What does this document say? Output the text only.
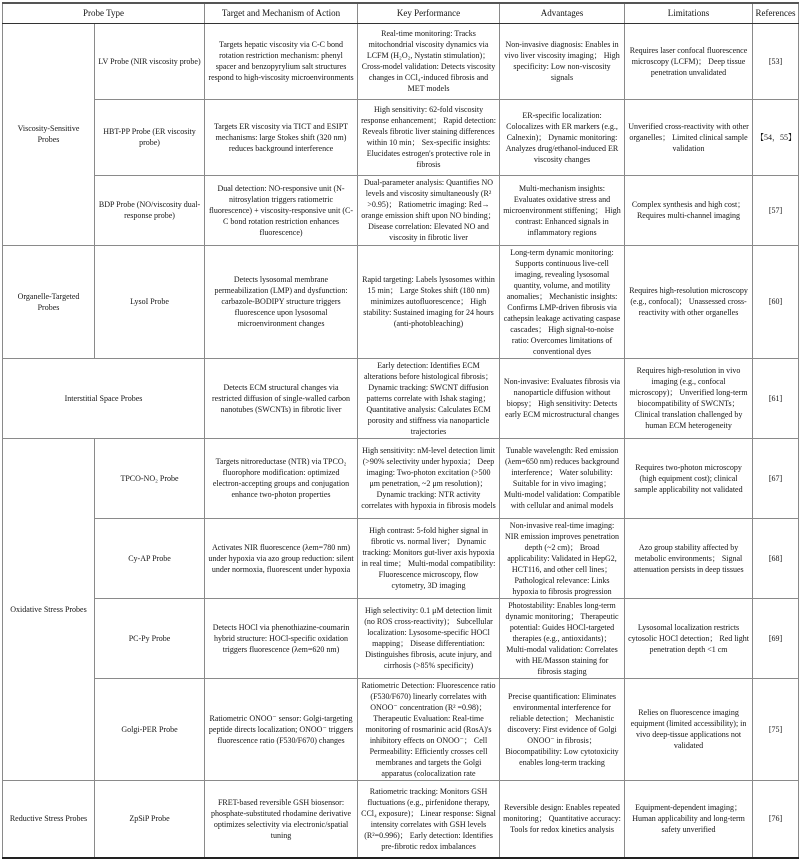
Probe Type		Target and Mechanism of Action	Key Performance	Advantages	Limitations	References
Viscosity-Sensitive Probes	LV Probe (NIR viscosity probe)	Targets hepatic viscosity via C-C bond rotation restriction mechanism: phenyl spacer and benzopyrylium salt structures respond to high-viscosity microenvironments	Real-time monitoring: Tracks mitochondrial viscosity dynamics via LCFM (H₂O₂, Nystatin stimulation)； Cross-model validation: Detects viscosity changes in CCl₄-induced fibrosis and MET models	Non-invasive diagnosis: Enables in vivo liver viscosity imaging； High specificity: Low non-viscosity signals	Requires laser confocal fluorescence microscopy (LCFM)； Deep tissue penetration unvalidated	[53]
	HBT-PP Probe (ER viscosity probe)	Targets ER viscosity via TICT and ESIPT mechanisms: large Stokes shift (320 nm) reduces background interference	High sensitivity: 62-fold viscosity response enhancement； Rapid detection: Reveals fibrotic liver staining differences within 10 min； Sex-specific insights: Elucidates estrogen's protective role in fibrosis	ER-specific localization: Colocalizes with ER markers (e.g., Calnexin)； Dynamic monitoring: Analyzes drug/ethanol-induced ER viscosity changes	Unverified cross-reactivity with other organelles； Limited clinical sample validation	【54，55】
	BDP Probe (NO/viscosity dual-response probe)	Dual detection: NO-responsive unit (N-nitrosylation triggers ratiometric fluorescence) + viscosity-responsive unit (C-C bond rotation restriction enhances fluorescence)	Dual-parameter analysis: Quantifies NO levels and viscosity simultaneously (R² >0.95)； Ratiometric imaging: Red→ orange emission shift upon NO binding； Disease correlation: Elevated NO and viscosity in fibrotic liver	Multi-mechanism insights: Evaluates oxidative stress and microenvironment stiffening； High contrast: Enhanced signals in inflammatory regions	Complex synthesis and high cost； Requires multi-channel imaging	[57]
Organelle-Targeted Probes	LysoI Probe	Detects lysosomal membrane permeabilization (LMP) and dysfunction: carbazole-BODIPY structure triggers fluorescence upon lysosomal microenvironment changes	Rapid targeting: Labels lysosomes within 15 min； Large Stokes shift (180 nm) minimizes autofluorescence； High stability: Sustained imaging for 24 hours (anti-photobleaching)	Long-term dynamic monitoring: Supports continuous live-cell imaging, revealing lysosomal quantity, volume, and motility anomalies； Mechanistic insights: Confirms LMP-driven fibrosis via cathepsin leakage activating caspase cascades； High signal-to-noise ratio: Overcomes limitations of conventional dyes	Requires high-resolution microscopy (e.g., confocal)； Unassessed cross-reactivity with other organelles	[60]
Interstitial Space Probes		Detects ECM structural changes via restricted diffusion of single-walled carbon nanotubes (SWCNTs) in fibrotic liver	Early detection: Identifies ECM alterations before histological fibrosis； Dynamic tracking: SWCNT diffusion patterns correlate with Ishak staging； Quantitative analysis: Calculates ECM porosity and stiffness via nanoparticle trajectories	Non-invasive: Evaluates fibrosis via nanoparticle diffusion without biopsy； High sensitivity: Detects early ECM microstructural changes	Requires high-resolution in vivo imaging (e.g., confocal microscopy)； Unverified long-term biocompatibility of SWCNTs； Clinical translation challenged by human ECM heterogeneity	[61]
Oxidative Stress Probes	TPCO-NO₂ Probe	Targets nitroreductase (NTR) via TPCO₂ fluorophore modification: optimized electron-accepting groups and conjugation enhance two-photon properties	High sensitivity: nM-level detection limit (>90% selectivity under hypoxia； Deep imaging: Two-photon excitation (>500 μm penetration, ~2 μm resolution)； Dynamic tracking: NTR activity correlates with hypoxia in fibrosis models	Tunable wavelength: Red emission (λem=650 nm) reduces background interference； Water solubility: Suitable for in vivo imaging； Multi-model validation: Compatible with cellular and animal models	Requires two-photon microscopy (high equipment cost); clinical sample applicability not validated	[67]
Cy-AP Probe	Activates NIR fluorescence (λem=780 nm) under hypoxia via azo group reduction: silent under normoxia, fluorescent under hypoxia	High contrast: 5-fold higher signal in fibrotic vs. normal liver； Dynamic tracking: Monitors gut-liver axis hypoxia in real time； Multi-modal compatibility: Fluorescence microscopy, flow cytometry, 3D imaging	Non-invasive real-time imaging: NIR emission improves penetration depth (~2 cm)； Broad applicability: Validated in HepG2, HCT116, and other cell lines； Pathological relevance: Links hypoxia to fibrosis progression	Azo group stability affected by metabolic environments； Signal attenuation persists in deep tissues	[68]
PC-Py Probe	Detects HOCl via phenothiazine-coumarin hybrid structure: HOCl-specific oxidation triggers fluorescence (λem=620 nm)	High selectivity: 0.1 μM detection limit (no ROS cross-reactivity)； Subcellular localization: Lysosome-specific HOCl mapping； Disease differentiation: Distinguishes fibrosis, acute injury, and cirrhosis (>85% specificity)	Photostability: Enables long-term dynamic monitoring； Therapeutic potential: Guides HOCl-targeted therapies (e.g., antioxidants)； Multi-modal validation: Correlates with HE/Masson staining for fibrosis staging	Lysosomal localization restricts cytosolic HOCl detection； Red light penetration depth <1 cm	[69]
Golgi-PER Probe	Ratiometric ONOO⁻ sensor: Golgi-targeting peptide directs localization; ONOO⁻ triggers fluorescence ratio (F530/F670) changes	Ratiometric Detection: Fluorescence ratio (F530/F670) linearly correlates with ONOO⁻ concentration (R² =0.98)； Therapeutic Evaluation: Real-time monitoring of rosmarinic acid (RosA)'s inhibitory effects on ONOO⁻； Cell Permeability: Efficiently crosses cell membranes and targets the Golgi apparatus (colocalization rate	Precise quantification: Eliminates environmental interference for reliable detection； Mechanistic discovery: First evidence of Golgi ONOO⁻ in fibrosis； Biocompatibility: Low cytotoxicity enables long-term tracking	Relies on fluorescence imaging equipment (limited accessibility); in vivo deep-tissue applications not validated	[75]
Reductive Stress Probes	ZpSiP Probe	FRET-based reversible GSH biosensor: phosphate-substituted rhodamine derivative optimizes selectivity via electronic/spatial tuning	Ratiometric tracking: Monitors GSH fluctuations (e.g., pirfenidone therapy, CCl₄ exposure)； Linear response: Signal intensity correlates with GSH levels (R²=0.996)； Early detection: Identifies pre-fibrotic redox imbalances	Reversible design: Enables repeated monitoring； Quantitative accuracy: Tools for redox kinetics analysis	Equipment-dependent imaging； Human applicability and long-term safety unverified	[76]
